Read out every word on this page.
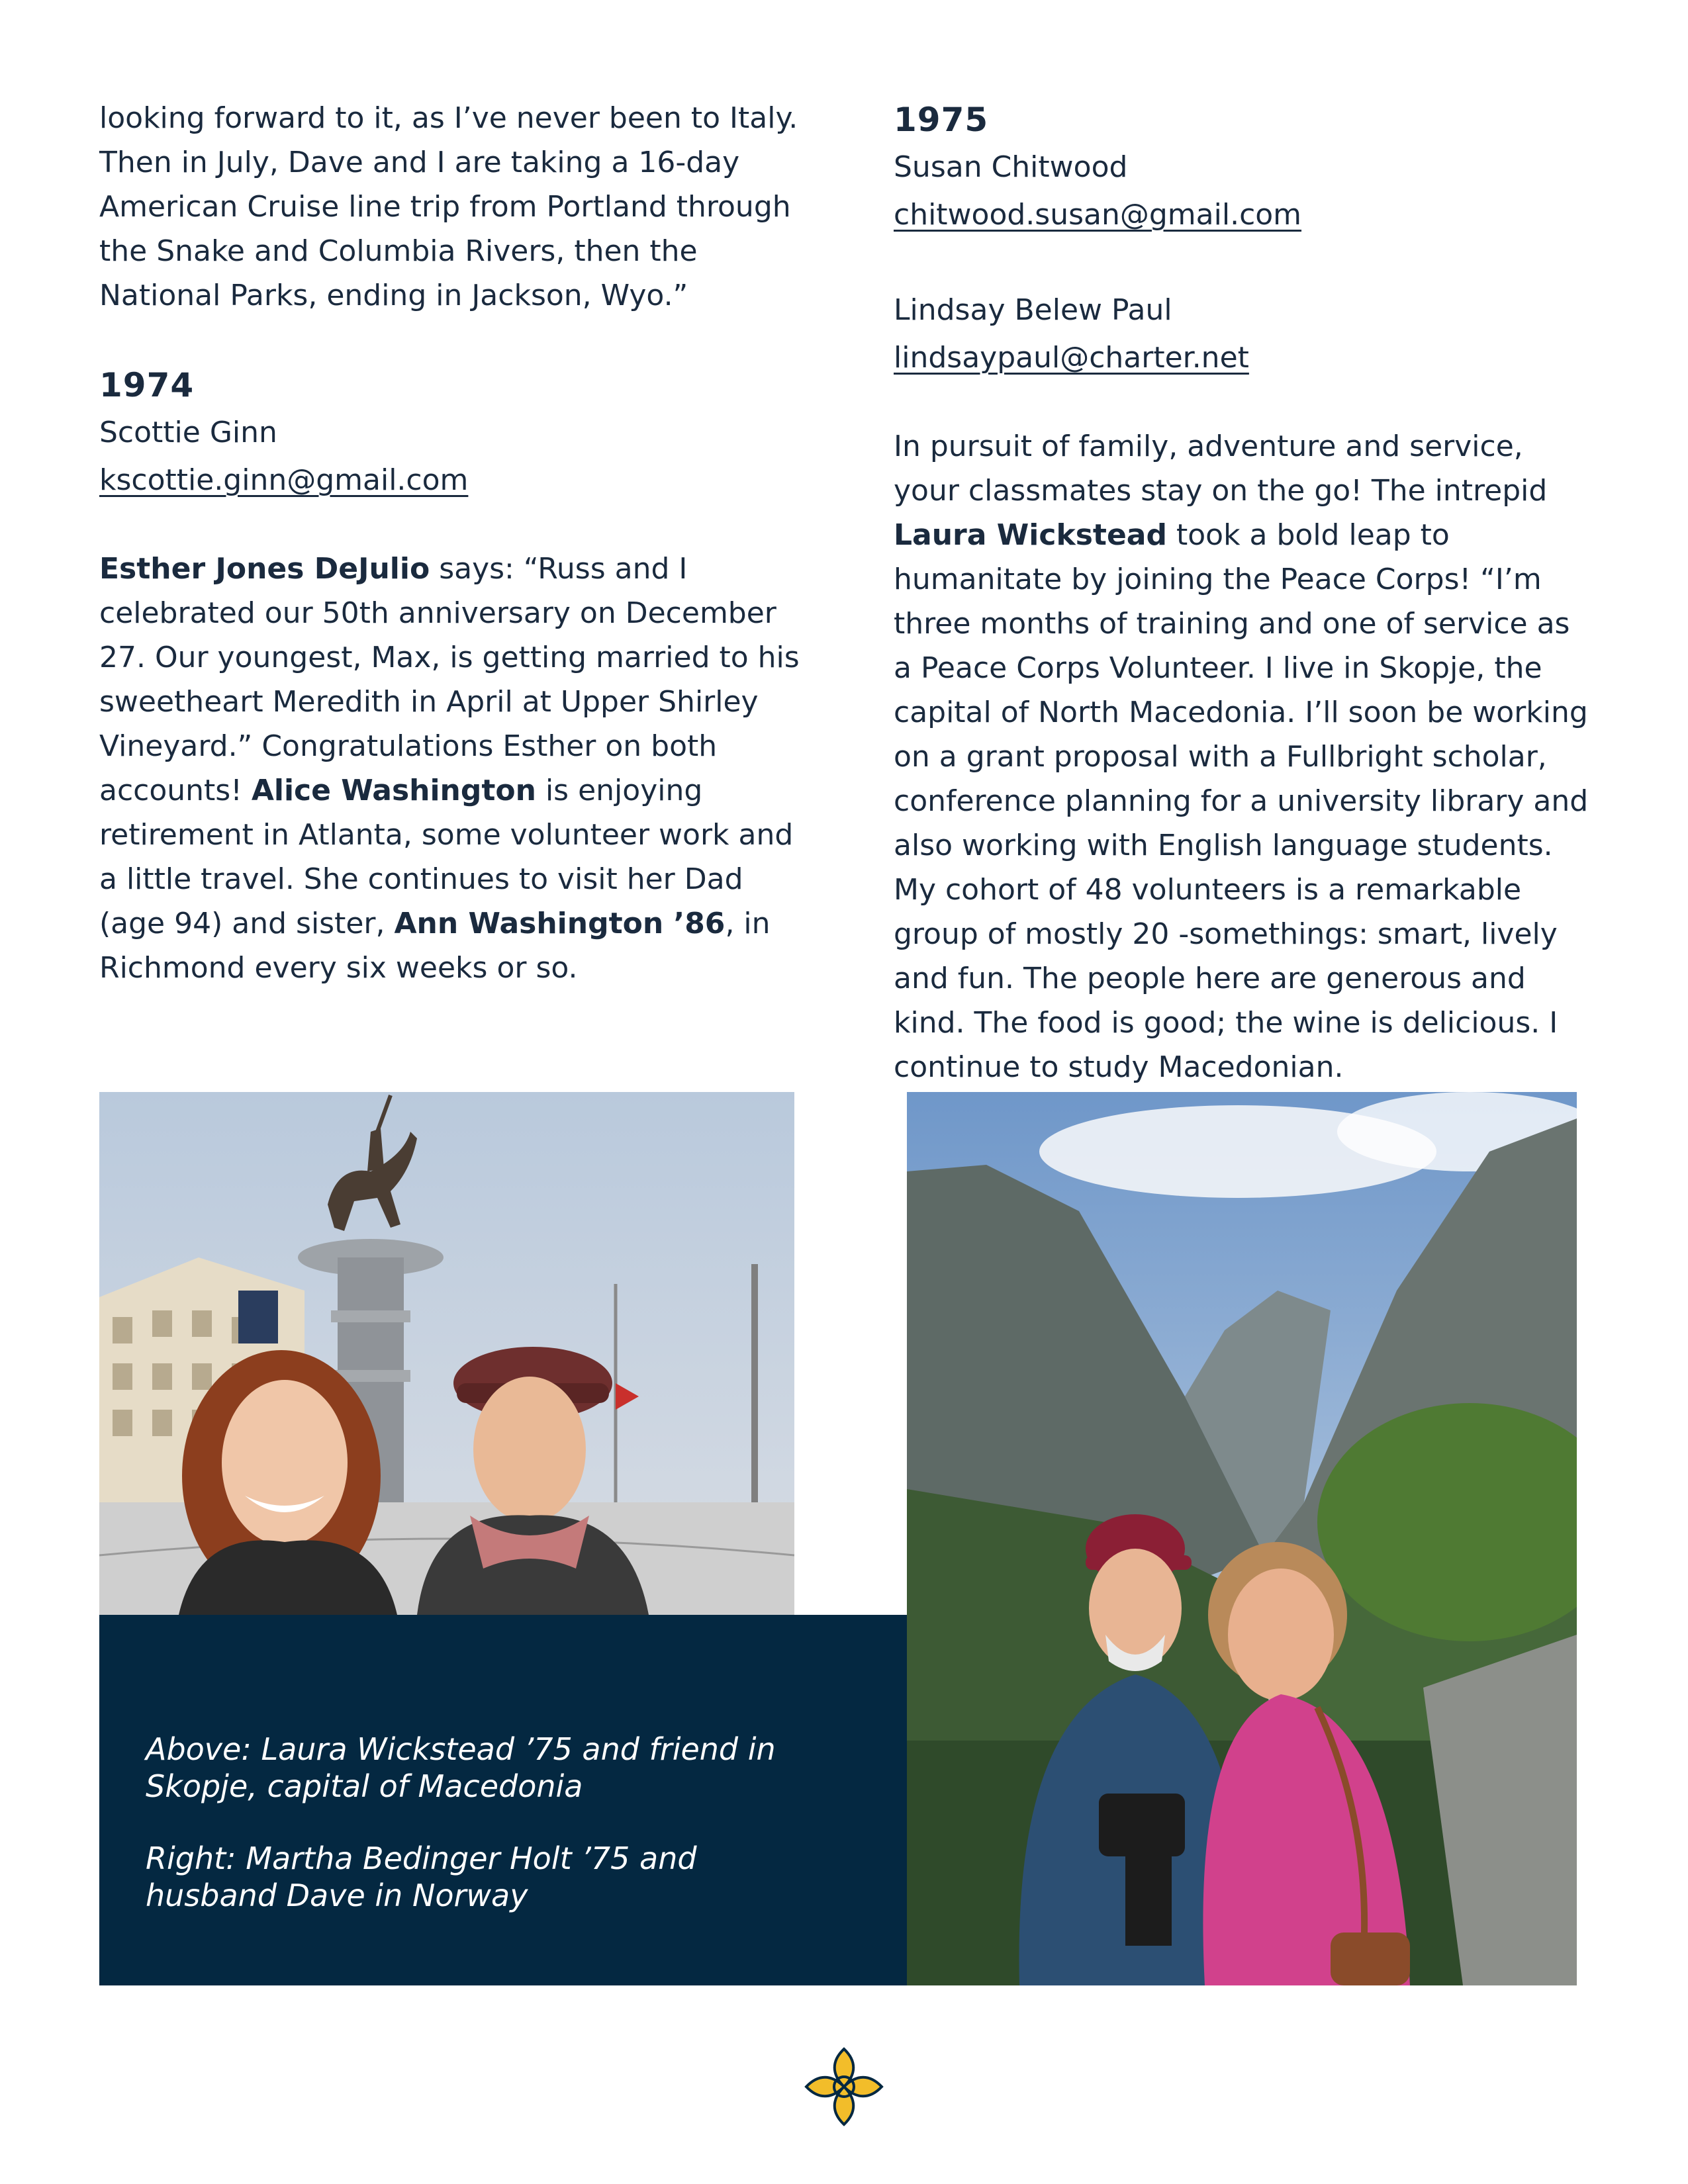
looking forward to it, as I’ve never been to Italy. Then in July, Dave and I are taking a 16-day American Cruise line trip from Portland through the Snake and Columbia Rivers, then the National Parks, ending in Jackson, Wyo.”

1974

Scottie Ginn

kscottie.ginn@gmail.com

Esther Jones DeJulio says: “Russ and I celebrated our 50th anniversary on December 27. Our youngest, Max, is getting married to his sweetheart Meredith in April at Upper Shirley Vineyard.” Congratulations Esther on both accounts! Alice Washington is enjoying retirement in Atlanta, some volunteer work and a little travel. She continues to visit her Dad (age 94) and sister, Ann Washington ’86, in Richmond every six weeks or so.

1975

Susan Chitwood

chitwood.susan@gmail.com

Lindsay Belew Paul

lindsaypaul@charter.net

In pursuit of family, adventure and service, your classmates stay on the go! The intrepid Laura Wickstead took a bold leap to humanitate by joining the Peace Corps! “I’m three months of training and one of service as a Peace Corps Volunteer. I live in Skopje, the capital of North Macedonia. I’ll soon be working on a grant proposal with a Fullbright scholar, conference planning for a university library and also working with English language students. My cohort of 48 volunteers is a remarkable group of mostly 20 -somethings: smart, lively and fun. The people here are generous and kind. The food is good; the wine is delicious. I continue to study Macedonian.

Above: Laura Wickstead ’75 and friend in Skopje, capital of Macedonia

Right: Martha Bedinger Holt ’75 and husband Dave in Norway
